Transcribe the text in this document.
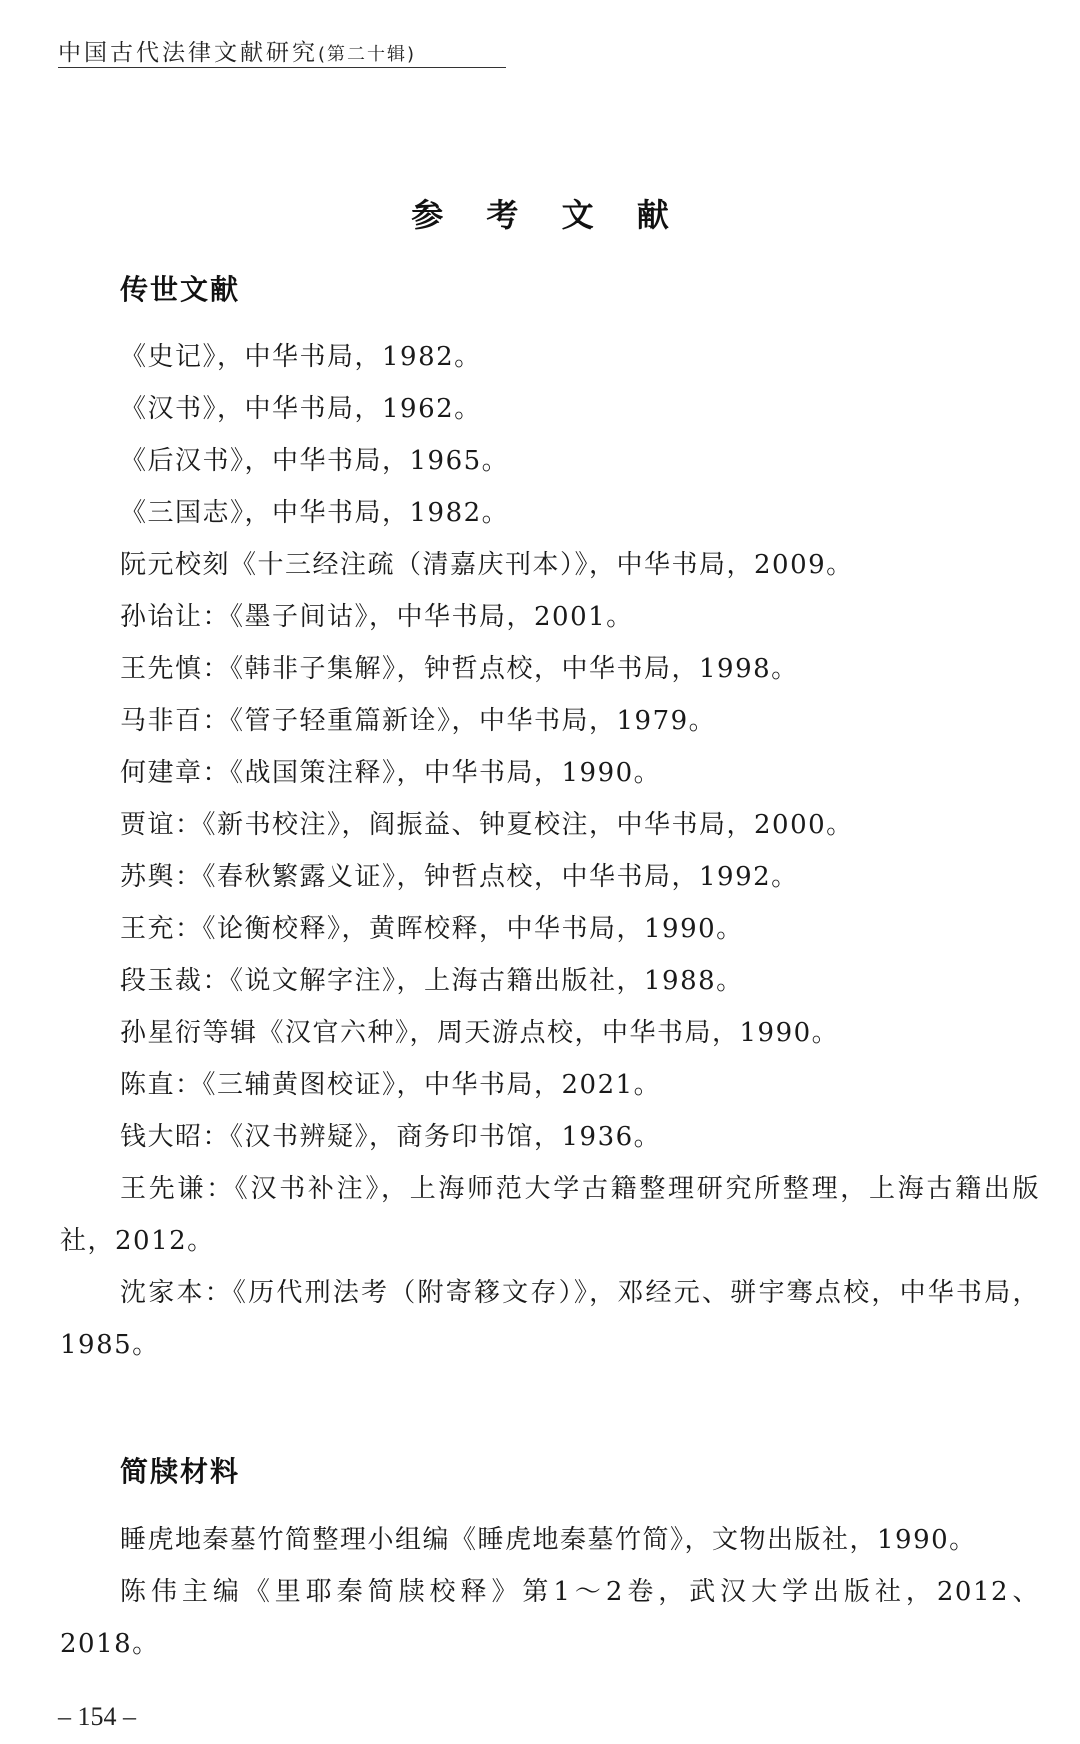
中国古代法律文献研究(第二十辑)
参 考 文 献
传世文献
《史记》，中华书局，1982。
《汉书》，中华书局，1962。
《后汉书》，中华书局，1965。
《三国志》，中华书局，1982。
阮元校刻《十三经注疏（清嘉庆刊本）》，中华书局，2009。
孙诒让：《墨子间诂》，中华书局，2001。
王先慎：《韩非子集解》，钟哲点校，中华书局，1998。
马非百：《管子轻重篇新诠》，中华书局，1979。
何建章：《战国策注释》，中华书局，1990。
贾谊：《新书校注》，阎振益、钟夏校注，中华书局，2000。
苏舆：《春秋繁露义证》，钟哲点校，中华书局，1992。
王充：《论衡校释》，黄晖校释，中华书局，1990。
段玉裁：《说文解字注》，上海古籍出版社，1988。
孙星衍等辑《汉官六种》，周天游点校，中华书局，1990。
陈直：《三辅黄图校证》，中华书局，2021。
钱大昭：《汉书辨疑》，商务印书馆，1936。
王先谦：《汉书补注》，上海师范大学古籍整理研究所整理，上海古籍出版社，2012。
沈家本：《历代刑法考（附寄簃文存）》，邓经元、骈宇骞点校，中华书局，1985。
简牍材料
睡虎地秦墓竹简整理小组编《睡虎地秦墓竹简》，文物出版社，1990。
陈伟主编《里耶秦简牍校释》第1～2卷，武汉大学出版社，2012、2018。
– 154 –
